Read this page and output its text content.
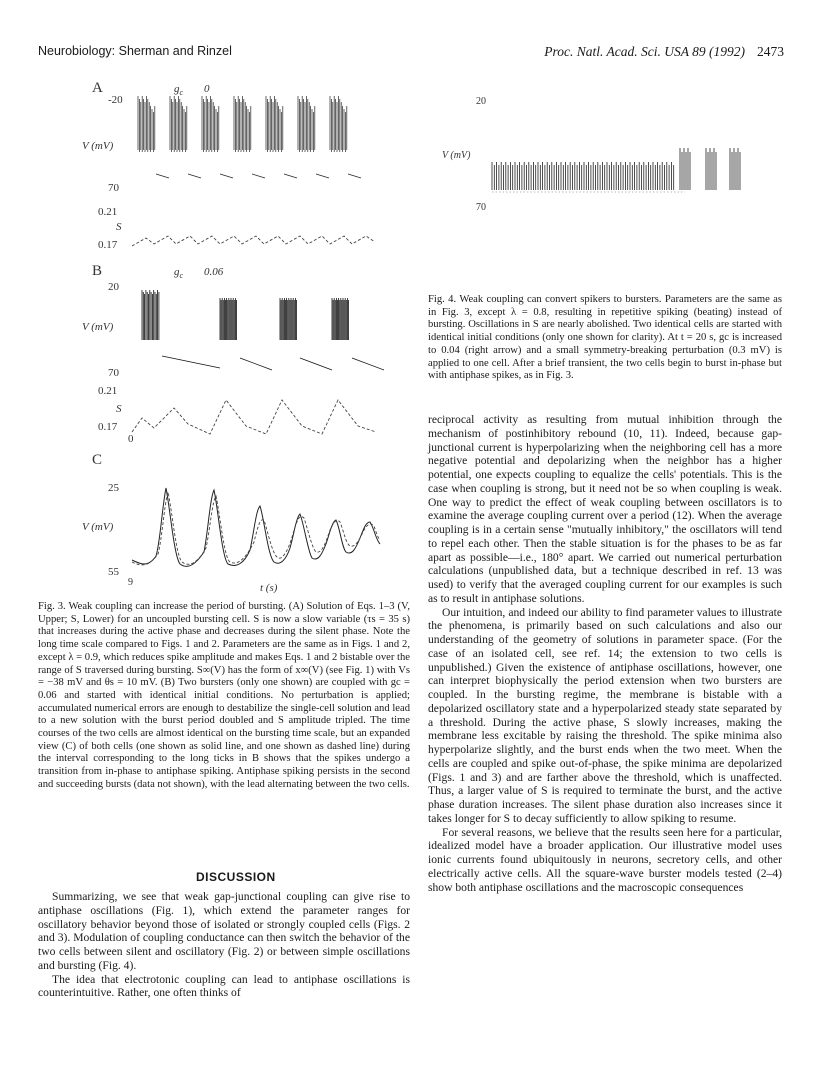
Neurobiology: Sherman and Rinzel	Proc. Natl. Acad. Sci. USA 89 (1992) 2473
A	$g_c$ 0
-20
V (mV)
70
0.21
S
0.17
B	$g_c$ 0.06
20
V (mV)
70
0.21
S
0.17
0
C
25
V (mV)
55
9	t (s)
20
V (mV)
70
Fig. 4. Weak coupling can convert spikers to bursters. Parameters are the same as in Fig. 3, except λ = 0.8, resulting in repetitive spiking (beating) instead of bursting. Oscillations in S are nearly abolished. Two identical cells are started with identical initial conditions (only one shown for clarity). At t = 20 s, gc is increased to 0.04 (right arrow) and a small symmetry-breaking perturbation (0.3 mV) is applied to one cell. After a brief transient, the two cells begin to burst in-phase but with antiphase spikes, as in Fig. 3.
Fig. 3. Weak coupling can increase the period of bursting. (A) Solution of Eqs. 1–3 (V, Upper; S, Lower) for an uncoupled bursting cell. S is now a slow variable (τs = 35 s) that increases during the active phase and decreases during the silent phase. Note the long time scale compared to Figs. 1 and 2. Parameters are the same as in Figs. 1 and 2, except λ = 0.9, which reduces spike amplitude and makes Eqs. 1 and 2 bistable over the range of S traversed during bursting. S∞(V) has the form of x∞(V) (see Fig. 1) with Vs = −38 mV and θs = 10 mV. (B) Two bursters (only one shown) are coupled with gc = 0.06 and started with identical initial conditions. No perturbation is applied; accumulated numerical errors are enough to destabilize the single-cell solution and lead to a new solution with the burst period doubled and S amplitude tripled. The time courses of the two cells are almost identical on the bursting time scale, but an expanded view (C) of both cells (one shown as solid line, and one shown as dashed line) during the interval corresponding to the long ticks in B shows that the spikes undergo a transition from in-phase to antiphase spiking. Antiphase spiking persists in the second and succeeding bursts (data not shown), with the lead alternating between the two cells.
DISCUSSION

Summarizing, we see that weak gap-junctional coupling can give rise to antiphase oscillations (Fig. 1), which extend the parameter ranges for oscillatory behavior beyond those of isolated or strongly coupled cells (Figs. 2 and 3). Modulation of coupling conductance can then switch the behavior of the two cells between silent and oscillatory (Fig. 2) or between simple oscillations and bursting (Fig. 4).

The idea that electrotonic coupling can lead to antiphase oscillations is counterintuitive. Rather, one often thinks of

reciprocal activity as resulting from mutual inhibition through the mechanism of postinhibitory rebound (10, 11). Indeed, because gap-junctional current is hyperpolarizing when the neighboring cell has a more negative potential and depolarizing when the neighbor has a higher potential, one expects coupling to equalize the cells' potentials. This is the case when coupling is strong, but it need not be so when coupling is weak. One way to predict the effect of weak coupling between oscillators is to examine the average coupling current over a period (12). When the average coupling is in a certain sense "mutually inhibitory," the oscillators will tend to repel each other. Then the stable situation is for the phases to be as far apart as possible—i.e., 180° apart. We carried out numerical perturbation calculations (unpublished data, but a technique described in ref. 13 was used) to verify that the averaged coupling current for our examples is such as to result in antiphase solutions.

Our intuition, and indeed our ability to find parameter values to illustrate the phenomena, is primarily based on such calculations and also our understanding of the geometry of solutions in parameter space. (For the case of an isolated cell, see ref. 14; the extension to two cells is unpublished.) Given the existence of antiphase oscillations, however, one can interpret biophysically the period extension when two bursters are coupled. In the bursting regime, the membrane is bistable with a depolarized oscillatory state and a hyperpolarized steady state separated by a threshold. During the active phase, S slowly increases, making the membrane less excitable by raising the threshold. The spike minima also hyperpolarize slightly, and the burst ends when the two meet. When the cells are coupled and spike out-of-phase, the spike minima are depolarized (Figs. 1 and 3) and are farther above the threshold, which is unaffected. Thus, a larger value of S is required to terminate the burst, and the active phase duration increases. The silent phase duration also increases since it takes longer for S to decay sufficiently to allow spiking to resume.

For several reasons, we believe that the results seen here for a particular, idealized model have a broader application. Our illustrative model uses ionic currents found ubiquitously in neurons, secretory cells, and other electrically active cells. All the square-wave burster models tested (2–4) show both antiphase oscillations and the macroscopic consequences
